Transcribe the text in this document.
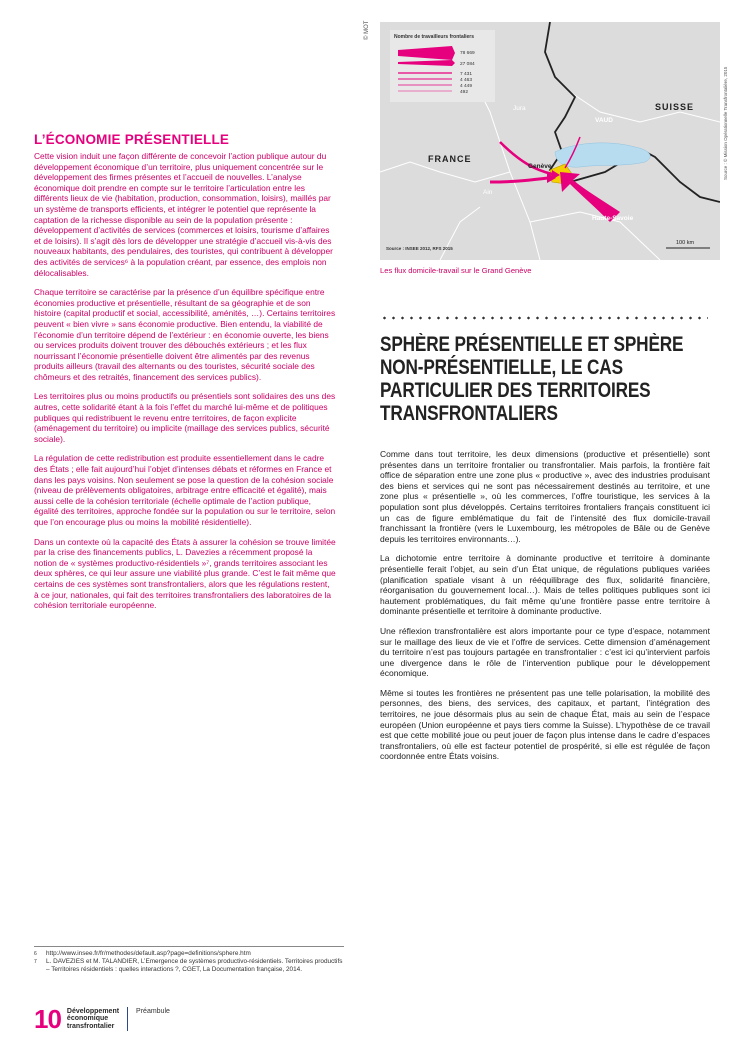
L’ÉCONOMIE PRÉSENTIELLE

Cette vision induit une façon différente de concevoir l’action publique autour du développement économique d’un territoire, plus uniquement concentrée sur le développement des firmes présentes et l’accueil de nouvelles. L’analyse économique doit prendre en compte sur le territoire l’articulation entre les différents lieux de vie (habitation, production, consommation, loisirs), maillés par un système de transports efficients, et intégrer le potentiel que représente la captation de la richesse disponible au sein de la population présente : développement d’activités de services (commerces et loisirs, tourisme d’affaires et de loisirs). Il s’agit dès lors de développer une stratégie d’accueil vis-à-vis des nouveaux habitants, des pendulaires, des touristes, qui contribuent à développer des activités de services⁶ à la population créant, par essence, des emplois non délocalisables.

Chaque territoire se caractérise par la présence d’un équilibre spécifique entre économies productive et présentielle, résultant de sa géographie et de son histoire (capital productif et social, accessibilité, aménités, …). Certains territoires peuvent « bien vivre » sans économie productive. Bien entendu, la viabilité de l’économie d’un territoire dépend de l’extérieur : en économie ouverte, les biens ou services produits doivent trouver des débouchés extérieurs ; et les flux nourrissant l’économie présentielle doivent être alimentés par des revenus produits ailleurs (travail des alternants ou des touristes, sécurité sociale des chômeurs et des retraités, financement des services publics).

Les territoires plus ou moins productifs ou présentiels sont solidaires des uns des autres, cette solidarité étant à la fois l’effet du marché lui-même et de politiques publiques qui redistribuent le revenu entre territoires, de façon explicite (aménagement du territoire) ou implicite (maillage des services publics, sécurité sociale).

La régulation de cette redistribution est produite essentiellement dans le cadre des États ; elle fait aujourd’hui l’objet d’intenses débats et réformes en France et dans les pays voisins. Non seulement se pose la question de la cohésion sociale (niveau de prélèvements obligatoires, arbitrage entre efficacité et égalité), mais aussi celle de la cohésion territoriale (échelle optimale de l’action publique, égalité des territoires, approche fondée sur la population ou sur le territoire, selon que l’on encourage plus ou moins la mobilité résidentielle).

Dans un contexte où la capacité des États à assurer la cohésion se trouve limitée par la crise des financements publics, L. Davezies a récemment proposé la notion de « systèmes productivo-résidentiels »⁷, grands territoires associant les deux sphères, ce qui leur assure une viabilité plus grande. C’est le fait même que certains de ces systèmes sont transfrontaliers, alors que les régulations restent, à ce jour, nationales, qui fait des territoires transfrontaliers des laboratoires de la cohésion territoriale européenne.

© MOT	Nombre de travailleurs frontaliers
78 669
27 084
7 431
4 463
4 449
492
Jura
VAUD
SUISSE
FRANCE
Genève
Ain
Haute-Savoie
Source : INSEE 2012, RFS 2015
100 km
Source : © Mission Opérationnelle Transfrontalière, 2015
Les flux domicile-travail sur le Grand Genève
SPHÈRE PRÉSENTIELLE ET SPHÈRE
NON-PRÉSENTIELLE, LE CAS
PARTICULIER DES TERRITOIRES
TRANSFRONTALIERS

Comme dans tout territoire, les deux dimensions (productive et présentielle) sont présentes dans un territoire frontalier ou transfrontalier. Mais parfois, la frontière fait office de séparation entre une zone plus « productive », avec des industries produisant des biens et services qui ne sont pas nécessairement destinés au territoire, et une zone plus « présentielle », où les commerces, l’offre touristique, les services à la population sont plus développés. Certains territoires frontaliers français constituent ici un cas de figure emblématique du fait de l’intensité des flux domicile-travail franchissant la frontière (vers le Luxembourg, les métropoles de Bâle ou de Genève depuis les territoires environnants…).

La dichotomie entre territoire à dominante productive et territoire à dominante présentielle ferait l’objet, au sein d’un État unique, de régulations publiques variées (planification spatiale visant à un rééquilibrage des flux, solidarité financière, réorganisation du gouvernement local…). Mais de telles politiques publiques sont ici hautement problématiques, du fait même qu’une frontière passe entre territoire à dominante présentielle et territoire à dominante productive.

Une réflexion transfrontalière est alors importante pour ce type d’espace, notamment sur le maillage des lieux de vie et l’offre de services. Cette dimension d’aménagement du territoire n’est pas toujours partagée en transfrontalier : c’est ici qu’intervient parfois une divergence dans le rôle de l’intervention publique pour le développement économique.

Même si toutes les frontières ne présentent pas une telle polarisation, la mobilité des personnes, des biens, des services, des capitaux, et partant, l’intégration des territoires, ne joue désormais plus au sein de chaque État, mais au sein de l’espace européen (Union européenne et pays tiers comme la Suisse). L’hypothèse de ce travail est que cette mobilité joue ou peut jouer de façon plus intense dans le cadre d’espaces transfrontaliers, où elle est facteur potentiel de prospérité, si elle est régulée de façon coordonnée entre États voisins.

6	http://www.insee.fr/fr/methodes/default.asp?page=definitions/sphere.htm
7	L. DAVEZIES et M. TALANDIER, L’Emergence de systèmes productivo-résidentiels. Territoires productifs – Territoires résidentiels : quelles interactions ?, CGET, La Documentation française, 2014.
10 Développement
économique
transfrontalier
Préambule
